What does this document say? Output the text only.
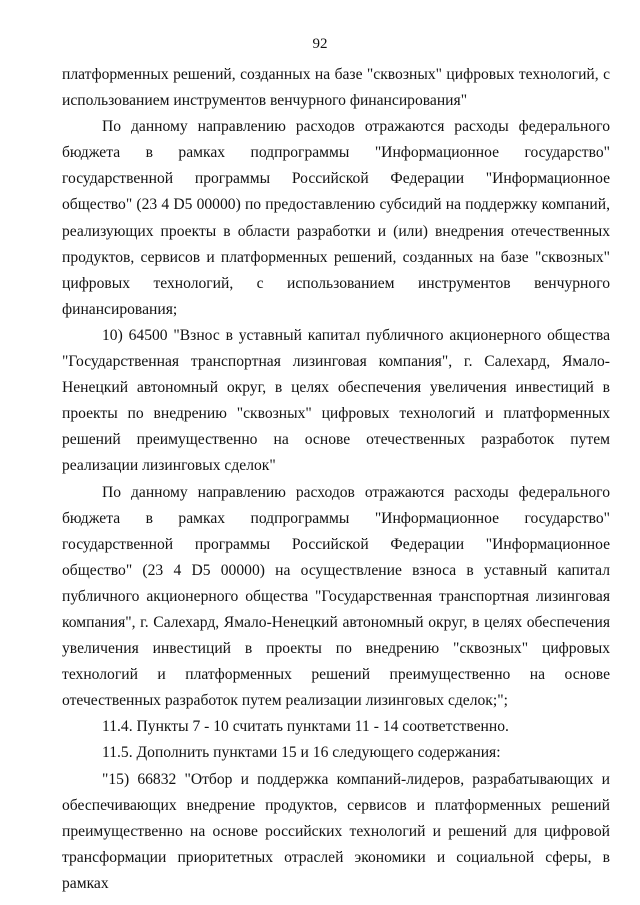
92

платформенных решений, созданных на базе "сквозных" цифровых технологий, с использованием инструментов венчурного финансирования"

По данному направлению расходов отражаются расходы федерального бюджета в рамках подпрограммы "Информационное государство" государственной программы Российской Федерации "Информационное общество" (23 4 D5 00000) по предоставлению субсидий на поддержку компаний, реализующих проекты в области разработки и (или) внедрения отечественных продуктов, сервисов и платформенных решений, созданных на базе "сквозных" цифровых технологий, с использованием инструментов венчурного финансирования;

10) 64500 "Взнос в уставный капитал публичного акционерного общества "Государственная транспортная лизинговая компания", г. Салехард, Ямало-Ненецкий автономный округ, в целях обеспечения увеличения инвестиций в проекты по внедрению "сквозных" цифровых технологий и платформенных решений преимущественно на основе отечественных разработок путем реализации лизинговых сделок"

По данному направлению расходов отражаются расходы федерального бюджета в рамках подпрограммы "Информационное государство" государственной программы Российской Федерации "Информационное общество" (23 4 D5 00000) на осуществление взноса в уставный капитал публичного акционерного общества "Государственная транспортная лизинговая компания", г. Салехард, Ямало-Ненецкий автономный округ, в целях обеспечения увеличения инвестиций в проекты по внедрению "сквозных" цифровых технологий и платформенных решений преимущественно на основе отечественных разработок путем реализации лизинговых сделок;";

11.4. Пункты 7 - 10 считать пунктами 11 - 14 соответственно.

11.5. Дополнить пунктами 15 и 16 следующего содержания:

"15) 66832 "Отбор и поддержка компаний-лидеров, разрабатывающих и обеспечивающих внедрение продуктов, сервисов и платформенных решений преимущественно на основе российских технологий и решений для цифровой трансформации приоритетных отраслей экономики и социальной сферы, в рамках
